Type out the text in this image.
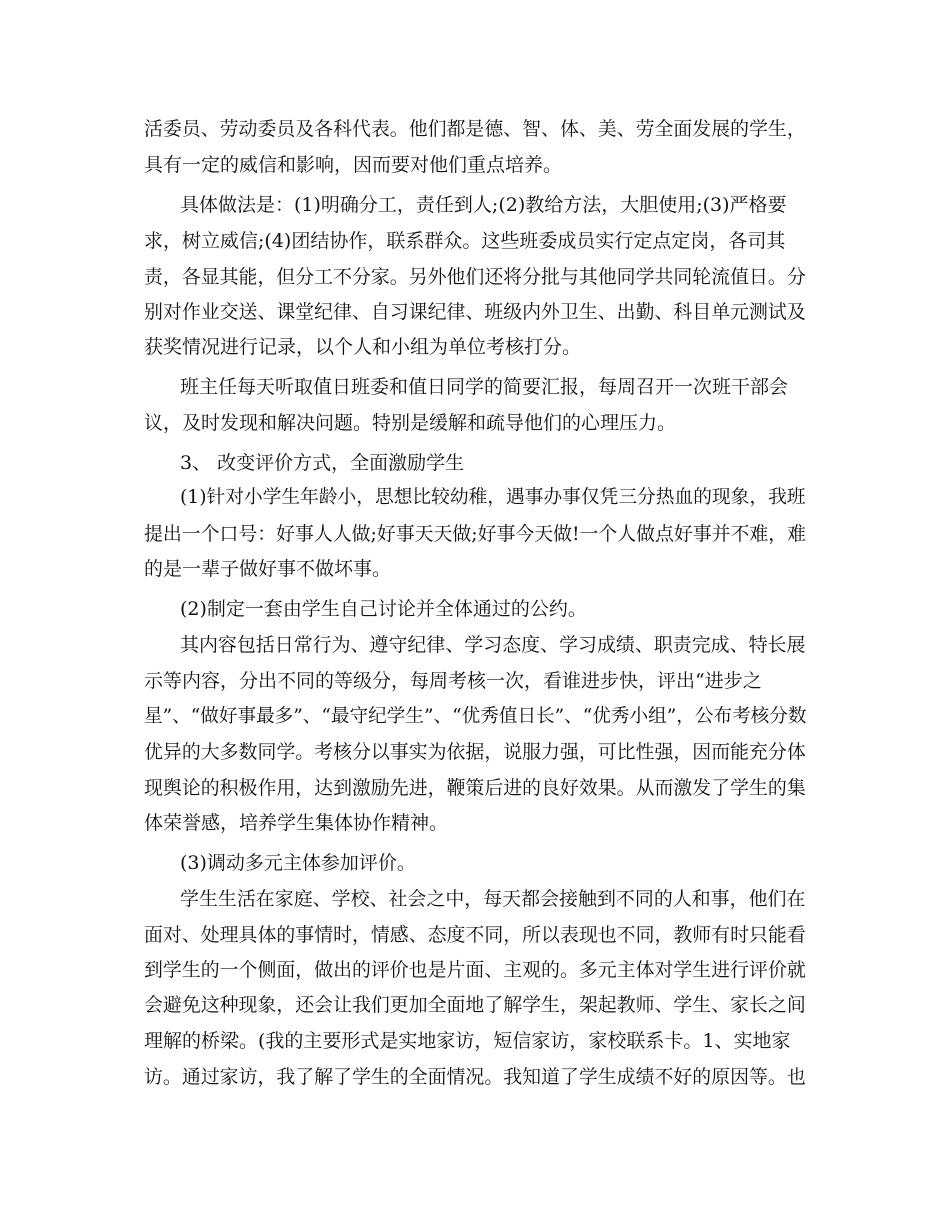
活委员、劳动委员及各科代表。他们都是德、智、体、美、劳全面发展的学生，
具有一定的威信和影响，因而要对他们重点培养。
具体做法是：(1)明确分工，责任到人;(2)教给方法，大胆使用;(3)严格要
求，树立威信;(4)团结协作，联系群众。这些班委成员实行定点定岗，各司其
责，各显其能，但分工不分家。另外他们还将分批与其他同学共同轮流值日。分
别对作业交送、课堂纪律、自习课纪律、班级内外卫生、出勤、科目单元测试及
获奖情况进行记录，以个人和小组为单位考核打分。
班主任每天听取值日班委和值日同学的简要汇报，每周召开一次班干部会
议，及时发现和解决问题。特别是缓解和疏导他们的心理压力。
3、 改变评价方式，全面激励学生
(1)针对小学生年龄小，思想比较幼稚，遇事办事仅凭三分热血的现象，我班
提出一个口号：好事人人做;好事天天做;好事今天做!一个人做点好事并不难，难
的是一辈子做好事不做坏事。
(2)制定一套由学生自己讨论并全体通过的公约。
其内容包括日常行为、遵守纪律、学习态度、学习成绩、职责完成、特长展
示等内容，分出不同的等级分，每周考核一次，看谁进步快，评出“进步之
星”、“做好事最多”、“最守纪学生”、“优秀值日长”、“优秀小组”，公布考核分数
优异的大多数同学。考核分以事实为依据，说服力强，可比性强，因而能充分体
现舆论的积极作用，达到激励先进，鞭策后进的良好效果。从而激发了学生的集
体荣誉感，培养学生集体协作精神。
(3)调动多元主体参加评价。
学生生活在家庭、学校、社会之中，每天都会接触到不同的人和事，他们在
面对、处理具体的事情时，情感、态度不同，所以表现也不同，教师有时只能看
到学生的一个侧面，做出的评价也是片面、主观的。多元主体对学生进行评价就
会避免这种现象，还会让我们更加全面地了解学生，架起教师、学生、家长之间
理解的桥梁。(我的主要形式是实地家访，短信家访，家校联系卡。1、实地家
访。通过家访，我了解了学生的全面情况。我知道了学生成绩不好的原因等。也
